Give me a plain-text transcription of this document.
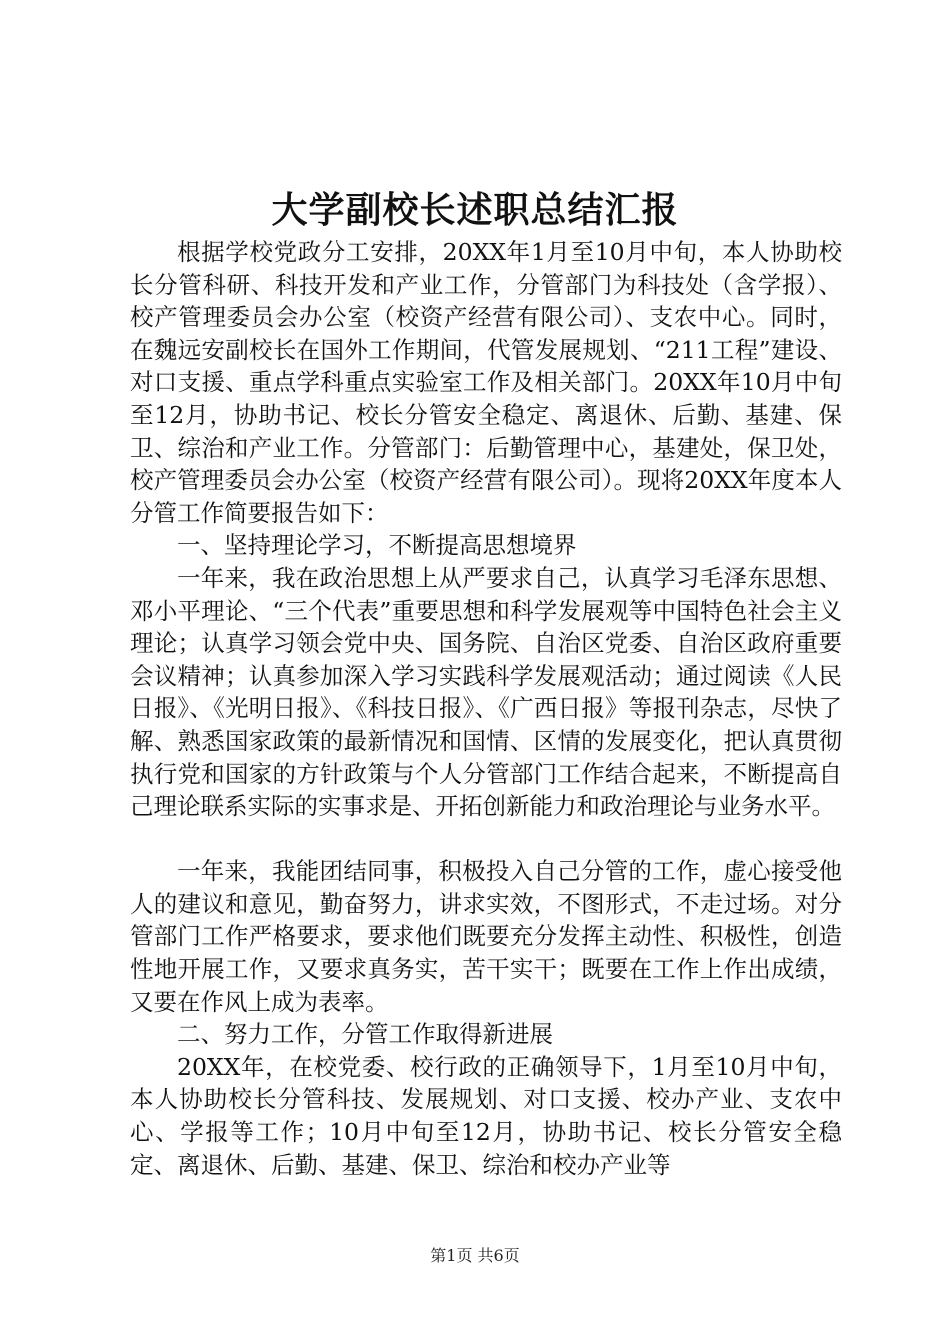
大学副校长述职总结汇报

根据学校党政分工安排，20XX年1月至10月中旬，本人协助校长分管科研、科技开发和产业工作，分管部门为科技处（含学报）、校产管理委员会办公室（校资产经营有限公司）、支农中心。同时，在魏远安副校长在国外工作期间，代管发展规划、“211工程”建设、对口支援、重点学科重点实验室工作及相关部门。20XX年10月中旬至12月，协助书记、校长分管安全稳定、离退休、后勤、基建、保卫、综治和产业工作。分管部门：后勤管理中心，基建处，保卫处，校产管理委员会办公室（校资产经营有限公司）。现将20XX年度本人分管工作简要报告如下：

一、坚持理论学习，不断提高思想境界

一年来，我在政治思想上从严要求自己，认真学习毛泽东思想、邓小平理论、“三个代表”重要思想和科学发展观等中国特色社会主义理论；认真学习领会党中央、国务院、自治区党委、自治区政府重要会议精神；认真参加深入学习实践科学发展观活动；通过阅读《人民日报》、《光明日报》、《科技日报》、《广西日报》等报刊杂志，尽快了解、熟悉国家政策的最新情况和国情、区情的发展变化，把认真贯彻执行党和国家的方针政策与个人分管部门工作结合起来，不断提高自己理论联系实际的实事求是、开拓创新能力和政治理论与业务水平。

一年来，我能团结同事，积极投入自己分管的工作，虚心接受他人的建议和意见，勤奋努力，讲求实效，不图形式，不走过场。对分管部门工作严格要求，要求他们既要充分发挥主动性、积极性，创造性地开展工作，又要求真务实，苦干实干；既要在工作上作出成绩，又要在作风上成为表率。

二、努力工作，分管工作取得新进展

20XX年，在校党委、校行政的正确领导下，1月至10月中旬，本人协助校长分管科技、发展规划、对口支援、校办产业、支农中心、学报等工作；10月中旬至12月，协助书记、校长分管安全稳定、离退休、后勤、基建、保卫、综治和校办产业等

第1页 共6页
